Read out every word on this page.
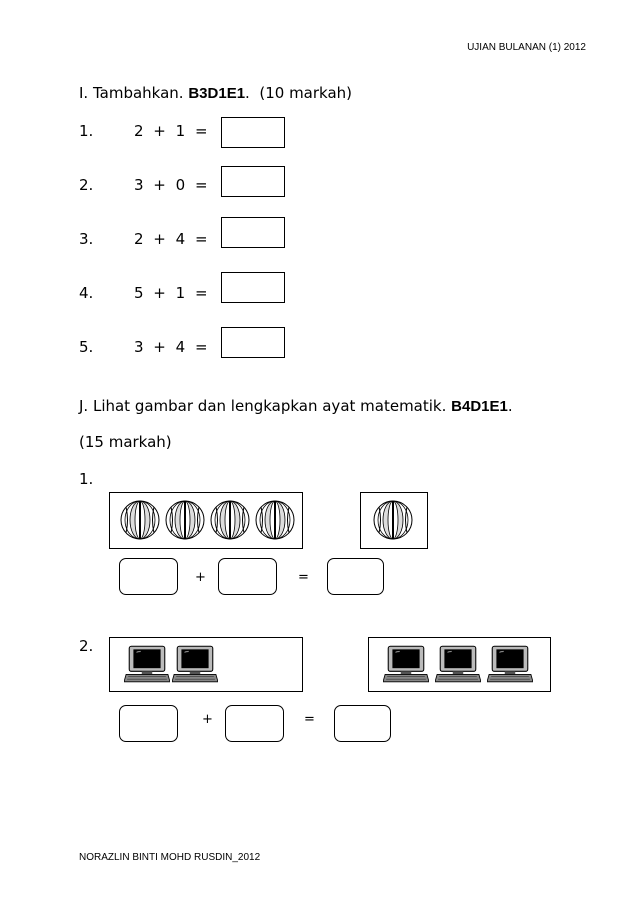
UJIAN BULANAN (1) 2012
I. Tambahkan. B3D1E1.  (10 markah)
1.	2 + 1 =
2.	3 + 0 =
3.	2 + 4 =
4.	5 + 1 =
5.	3 + 4 =
J. Lihat gambar dan lengkapkan ayat matematik. B4D1E1.
(15 markah)
1.
+	=
2.
+	=
NORAZLIN BINTI MOHD RUSDIN_2012
